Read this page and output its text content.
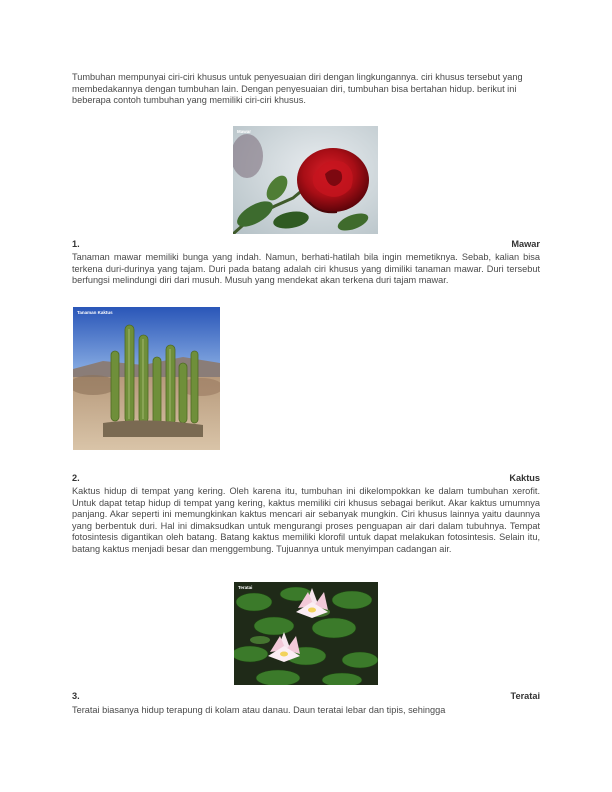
Tumbuhan mempunyai ciri-ciri khusus untuk penyesuaian diri dengan lingkungannya. ciri khusus tersebut yang membedakannya dengan tumbuhan lain. Dengan penyesuaian diri, tumbuhan bisa bertahan hidup. berikut ini beberapa contoh tumbuhan yang memiliki ciri-ciri khusus.

Mawar
1.	Mawar

Tanaman mawar memiliki bunga yang indah. Namun, berhati-hatilah bila ingin memetiknya. Sebab, kalian bisa terkena duri-durinya yang tajam. Duri pada batang adalah ciri khusus yang dimiliki tanaman mawar. Duri tersebut berfungsi melindungi diri dari musuh. Musuh yang mendekat akan terkena duri tajam mawar.

Tanaman Kaktus
2.	Kaktus

Kaktus hidup di tempat yang kering. Oleh karena itu, tumbuhan ini dikelompokkan ke dalam tumbuhan xerofit. Untuk dapat tetap hidup di tempat yang kering, kaktus memiliki ciri khusus sebagai berikut. Akar kaktus umumnya panjang. Akar seperti ini memungkinkan kaktus mencari air sebanyak mungkin. Ciri khusus lainnya yaitu daunnya yang berbentuk duri. Hal ini dimaksudkan untuk mengurangi proses penguapan air dari dalam tubuhnya. Tempat fotosintesis digantikan oleh batang. Batang kaktus memiliki klorofil untuk dapat melakukan fotosintesis. Selain itu, batang kaktus menjadi besar dan menggembung. Tujuannya untuk menyimpan cadangan air.

Teratai
3.	Teratai

Teratai biasanya hidup terapung di kolam atau danau. Daun teratai lebar dan tipis, sehingga
